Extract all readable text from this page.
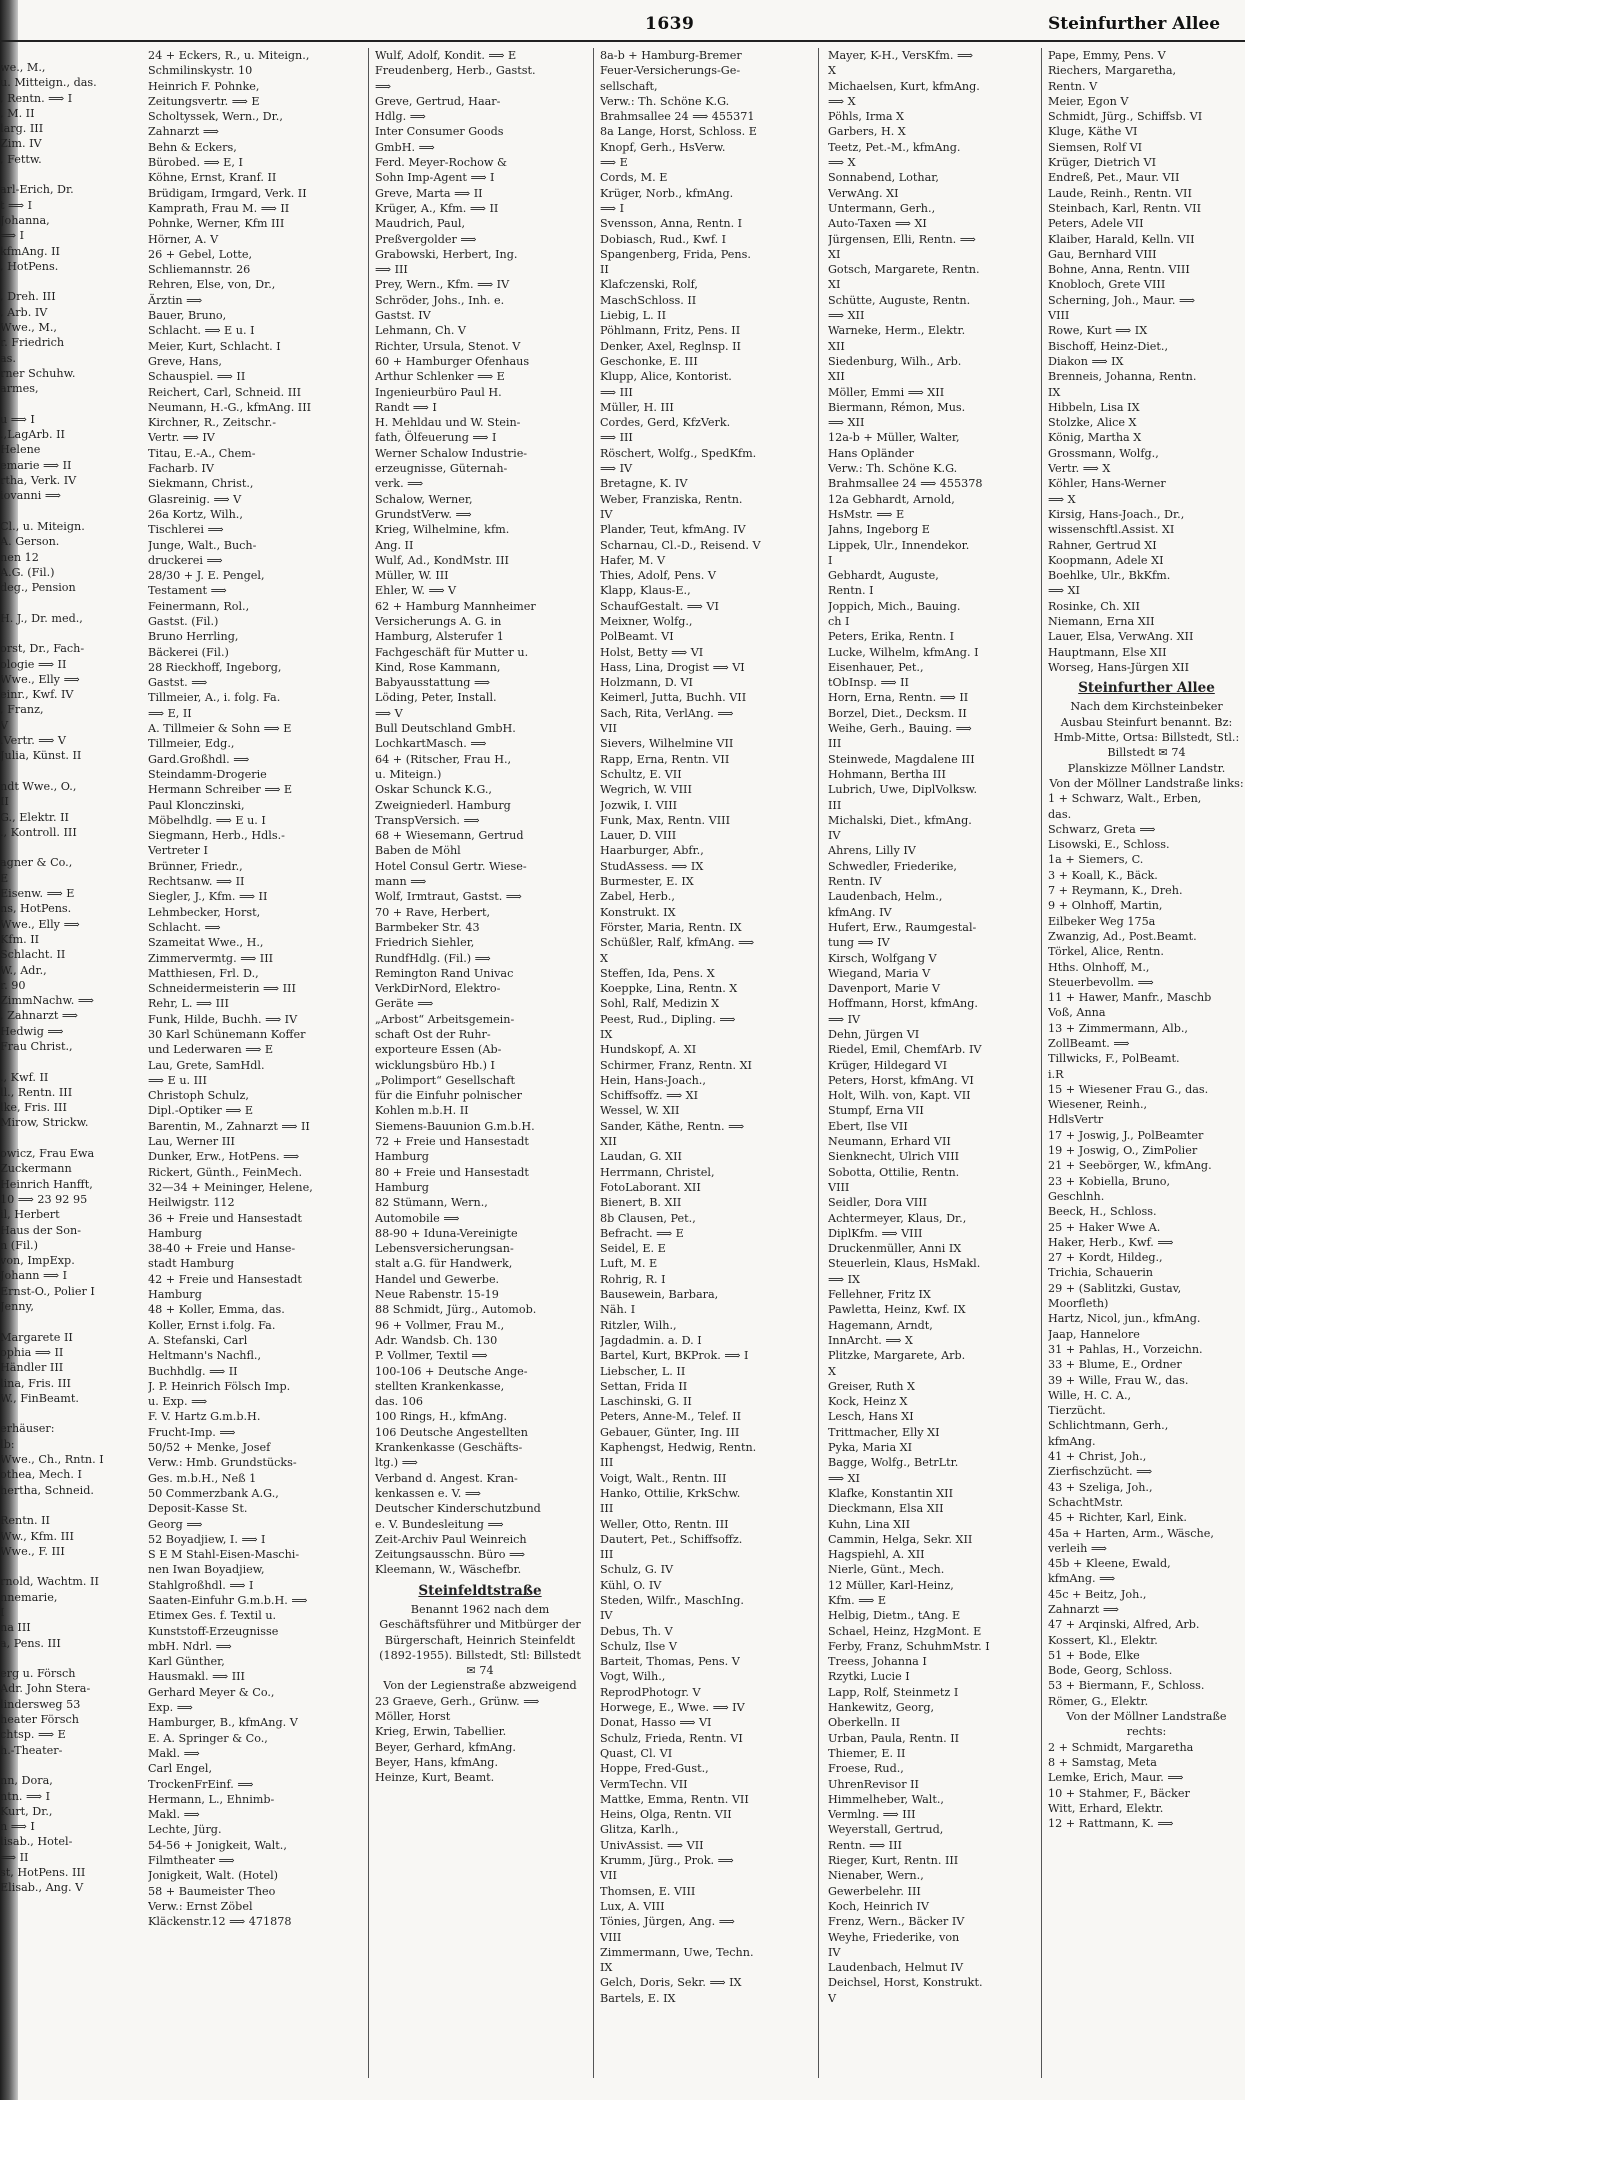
we., M.,
u. Mitteign., das.
, Rentn. ⟹ I
, M. II
larg. III
Zim. IV
, Fettw.

arl-Erich, Dr.
t ⟹ I
Johanna,
⟹ I
kfmAng. II
, HotPens.

, Dreh. III
, Arb. IV
Wwe., M.,
r. Friedrich
as.
rner Schuhw.
armes,

u ⟹ I
.,LagArb. II
Helene
emarie ⟹ II
rtha, Verk. IV
iovanni ⟹

Cl., u. Miteign.
A. Gerson.
nen 12
A.G. (Fil.)
deg., Pension

H. J., Dr. med.,

orst, Dr., Fach-
ologie ⟹ II
Wwe., Elly ⟹
einr., Kwf. IV
, Franz,
V
.Vertr. ⟹ V
Julia, Künst. II

ndt Wwe., O.,
II
G., Elektr. II
., Kontroll. III

agner & Co.,
E
Eisenw. ⟹ E
ns, HotPens.
Wwe., Elly ⟹
Kfm. II
Schlacht. II
W., Adr.,
r. 90
ZimmNachw. ⟹
, Zahnarzt ⟹
Hedwig ⟹
Frau Christ.,

., Kwf. II
ll., Rentn. III
lke, Fris. III
Mirow, Strickw.

owicz, Frau Ewa
Zuckermann
Heinrich Hanfft,
10 ⟹ 23 92 95
il, Herbert
Haus der Son-
n (Fil.)
von, ImpExp.
Johann ⟹ I
Ernst-O., Polier I
Jenny,

Margarete II
ophia ⟹ II
Händler III
lina, Fris. III
W., FinBeamt.

erhäuser:
lb:
Wwe., Ch., Rntn. I
othea, Mech. I
hertha, Schneid.

Rentn. II
Ww., Kfm. III
Wwe., F. III

rnold, Wachtm. II
nnemarie,
I
na III
a, Pens. III

erg u. Försch
Adr. John Stera-
lindersweg 53
heater Försch
chtsp. ⟹ E
h.-Theater-

nn, Dora,
ntn. ⟹ I
Kurt, Dr.,
n ⟹ I
lisab., Hotel-
⟹ II
st, HotPens. III
Elisab., Ang. V
1639	Steinfurther Allee
24 + Eckers, R., u. Miteign.,
Schmilinskystr. 10
Heinrich F. Pohnke,
Zeitungsvertr. ⟹ E
Scholtyssek, Wern., Dr.,
Zahnarzt ⟹
Behn & Eckers,
Bürobed. ⟹ E, I
Köhne, Ernst, Kranf. II
Brüdigam, Irmgard, Verk. II
Kamprath, Frau M. ⟹ II
Pohnke, Werner, Kfm III
Hörner, A. V
26 + Gebel, Lotte,
Schliemannstr. 26
Rehren, Else, von, Dr.,
Ärztin ⟹
Bauer, Bruno,
Schlacht. ⟹ E u. I
Meier, Kurt, Schlacht. I
Greve, Hans,
Schauspiel. ⟹ II
Reichert, Carl, Schneid. III
Neumann, H.-G., kfmAng. III
Kirchner, R., Zeitschr.-
Vertr. ⟹ IV
Titau, E.-A., Chem-
Facharb. IV
Siekmann, Christ.,
Glasreinig. ⟹ V
26a Kortz, Wilh.,
Tischlerei ⟹
Junge, Walt., Buch-
druckerei ⟹
28/30 + J. E. Pengel,
Testament ⟹
Feinermann, Rol.,
Gastst. (Fil.)
Bruno Herrling,
Bäckerei (Fil.)
28 Rieckhoff, Ingeborg,
Gastst. ⟹
Tillmeier, A., i. folg. Fa.
⟹ E, II
A. Tillmeier & Sohn ⟹ E
Tillmeier, Edg.,
Gard.Großhdl. ⟹
Steindamm-Drogerie
Hermann Schreiber ⟹ E
Paul Klonczinski,
Möbelhdlg. ⟹ E u. I
Siegmann, Herb., Hdls.-
Vertreter I
Brünner, Friedr.,
Rechtsanw. ⟹ II
Siegler, J., Kfm. ⟹ II
Lehmbecker, Horst,
Schlacht. ⟹
Szameitat Wwe., H.,
Zimmervermtg. ⟹ III
Matthiesen, Frl. D.,
Schneidermeisterin ⟹ III
Rehr, L. ⟹ III
Funk, Hilde, Buchh. ⟹ IV
30 Karl Schünemann Koffer
und Lederwaren ⟹ E
Lau, Grete, SamHdl.
⟹ E u. III
Christoph Schulz,
Dipl.-Optiker ⟹ E
Barentin, M., Zahnarzt ⟹ II
Lau, Werner III
Dunker, Erw., HotPens. ⟹
Rickert, Günth., FeinMech.
32—34 + Meininger, Helene,
Heilwigstr. 112
36 + Freie und Hansestadt
Hamburg
38-40 + Freie und Hanse-
stadt Hamburg
42 + Freie und Hansestadt
Hamburg
48 + Koller, Emma, das.
Koller, Ernst i.folg. Fa.
A. Stefanski, Carl
Heltmann's Nachfl.,
Buchhdlg. ⟹ II
J. P. Heinrich Fölsch Imp.
u. Exp. ⟹
F. V. Hartz G.m.b.H.
Frucht-Imp. ⟹
50/52 + Menke, Josef
Verw.: Hmb. Grundstücks-
Ges. m.b.H., Neß 1
50 Commerzbank A.G.,
Deposit-Kasse St.
Georg ⟹
52 Boyadjiew, I. ⟹ I
S E M Stahl-Eisen-Maschi-
nen Iwan Boyadjiew,
Stahlgroßhdl. ⟹ I
Saaten-Einfuhr G.m.b.H. ⟹
Etimex Ges. f. Textil u.
Kunststoff-Erzeugnisse
mbH. Ndrl. ⟹
Karl Günther,
Hausmakl. ⟹ III
Gerhard Meyer & Co.,
Exp. ⟹
Hamburger, B., kfmAng. V
E. A. Springer & Co.,
Makl. ⟹
Carl Engel,
TrockenFrEinf. ⟹
Hermann, L., Ehnimb-
Makl. ⟹
Lechte, Jürg.
54-56 + Jonigkeit, Walt.,
Filmtheater ⟹
Jonigkeit, Walt. (Hotel)
58 + Baumeister Theo
Verw.: Ernst Zöbel
Kläckenstr.12 ⟹ 471878
Wulf, Adolf, Kondit. ⟹ E
Freudenberg, Herb., Gastst.
⟹
Greve, Gertrud, Haar-
Hdlg. ⟹
Inter Consumer Goods
GmbH. ⟹
Ferd. Meyer-Rochow &
Sohn Imp-Agent ⟹ I
Greve, Marta ⟹ II
Krüger, A., Kfm. ⟹ II
Maudrich, Paul,
Preßvergolder ⟹
Grabowski, Herbert, Ing.
⟹ III
Prey, Wern., Kfm. ⟹ IV
Schröder, Johs., Inh. e.
Gastst. IV
Lehmann, Ch. V
Richter, Ursula, Stenot. V
60 + Hamburger Ofenhaus
Arthur Schlenker ⟹ E
Ingenieurbüro Paul H.
Randt ⟹ I
H. Mehldau und W. Stein-
fath, Ölfeuerung ⟹ I
Werner Schalow Industrie-
erzeugnisse, Güternah-
verk. ⟹
Schalow, Werner,
GrundstVerw. ⟹
Krieg, Wilhelmine, kfm.
Ang. II
Wulf, Ad., KondMstr. III
Müller, W. III
Ehler, W. ⟹ V
62 + Hamburg Mannheimer
Versicherungs A. G. in
Hamburg, Alsterufer 1
Fachgeschäft für Mutter u.
Kind, Rose Kammann,
Babyausstattung ⟹
Löding, Peter, Install.
⟹ V
Bull Deutschland GmbH.
LochkartMasch. ⟹
64 + (Ritscher, Frau H.,
u. Miteign.)
Oskar Schunck K.G.,
Zweigniederl. Hamburg
TranspVersich. ⟹
68 + Wiesemann, Gertrud
Baben de Möhl
Hotel Consul Gertr. Wiese-
mann ⟹
Wolf, Irmtraut, Gastst. ⟹
70 + Rave, Herbert,
Barmbeker Str. 43
Friedrich Siehler,
RundfHdlg. (Fil.) ⟹
Remington Rand Univac
VerkDirNord, Elektro-
Geräte ⟹
„Arbost“ Arbeitsgemein-
schaft Ost der Ruhr-
exporteure Essen (Ab-
wicklungsbüro Hb.) I
„Polimport“ Gesellschaft
für die Einfuhr polnischer
Kohlen m.b.H. II
Siemens-Bauunion G.m.b.H.
72 + Freie und Hansestadt
Hamburg
80 + Freie und Hansestadt
Hamburg
82 Stümann, Wern.,
Automobile ⟹
88-90 + Iduna-Vereinigte
Lebensversicherungsan-
stalt a.G. für Handwerk,
Handel und Gewerbe.
Neue Rabenstr. 15-19
88 Schmidt, Jürg., Automob.
96 + Vollmer, Frau M.,
Adr. Wandsb. Ch. 130
P. Vollmer, Textil ⟹
100-106 + Deutsche Ange-
stellten Krankenkasse,
das. 106
100 Rings, H., kfmAng.
106 Deutsche Angestellten
Krankenkasse (Geschäfts-
ltg.) ⟹
Verband d. Angest. Kran-
kenkassen e. V. ⟹
Deutscher Kinderschutzbund
e. V. Bundesleitung ⟹
Zeit-Archiv Paul Weinreich
Zeitungsausschn. Büro ⟹
Kleemann, W., Wäschefbr.
Steinfeldtstraße
Benannt 1962 nach dem Geschäftsführer und Mitbürger der Bürgerschaft, Heinrich Steinfeldt (1892-1955). Billstedt, Stl: Billstedt ✉ 74
Von der Legienstraße abzweigend
23 Graeve, Gerh., Grünw. ⟹
Möller, Horst
Krieg, Erwin, Tabellier.
Beyer, Gerhard, kfmAng.
Beyer, Hans, kfmAng.
Heinze, Kurt, Beamt.
8a-b + Hamburg-Bremer
Feuer-Versicherungs-Ge-
sellschaft,
Verw.: Th. Schöne K.G.
Brahmsallee 24 ⟹ 455371
8a Lange, Horst, Schloss. E
Knopf, Gerh., HsVerw.
⟹ E
Cords, M. E
Krüger, Norb., kfmAng.
⟹ I
Svensson, Anna, Rentn. I
Dobiasch, Rud., Kwf. I
Spangenberg, Frida, Pens.
II
Klafczenski, Rolf,
MaschSchloss. II
Liebig, L. II
Pöhlmann, Fritz, Pens. II
Denker, Axel, Reglnsp. II
Geschonke, E. III
Klupp, Alice, Kontorist.
⟹ III
Müller, H. III
Cordes, Gerd, KfzVerk.
⟹ III
Röschert, Wolfg., SpedKfm.
⟹ IV
Bretagne, K. IV
Weber, Franziska, Rentn.
IV
Plander, Teut, kfmAng. IV
Scharnau, Cl.-D., Reisend. V
Hafer, M. V
Thies, Adolf, Pens. V
Klapp, Klaus-E.,
SchaufGestalt. ⟹ VI
Meixner, Wolfg.,
PolBeamt. VI
Holst, Betty ⟹ VI
Hass, Lina, Drogist ⟹ VI
Holzmann, D. VI
Keimerl, Jutta, Buchh. VII
Sach, Rita, VerlAng. ⟹
VII
Sievers, Wilhelmine VII
Rapp, Erna, Rentn. VII
Schultz, E. VII
Wegrich, W. VIII
Jozwik, I. VIII
Funk, Max, Rentn. VIII
Lauer, D. VIII
Haarburger, Abfr.,
StudAssess. ⟹ IX
Burmester, E. IX
Zabel, Herb.,
Konstrukt. IX
Förster, Maria, Rentn. IX
Schüßler, Ralf, kfmAng. ⟹
X
Steffen, Ida, Pens. X
Koeppke, Lina, Rentn. X
Sohl, Ralf, Medizin X
Peest, Rud., Dipling. ⟹
IX
Hundskopf, A. XI
Schirmer, Franz, Rentn. XI
Hein, Hans-Joach.,
Schiffsoffz. ⟹ XI
Wessel, W. XII
Sander, Käthe, Rentn. ⟹
XII
Laudan, G. XII
Herrmann, Christel,
FotoLaborant. XII
Bienert, B. XII
8b Clausen, Pet.,
Befracht. ⟹ E
Seidel, E. E
Luft, M. E
Rohrig, R. I
Bausewein, Barbara,
Näh. I
Ritzler, Wilh.,
Jagdadmin. a. D. I
Bartel, Kurt, BKProk. ⟹ I
Liebscher, L. II
Settan, Frida II
Laschinski, G. II
Peters, Anne-M., Telef. II
Gebauer, Günter, Ing. III
Kaphengst, Hedwig, Rentn.
III
Voigt, Walt., Rentn. III
Hanko, Ottilie, KrkSchw.
III
Weller, Otto, Rentn. III
Dautert, Pet., Schiffsoffz.
III
Schulz, G. IV
Kühl, O. IV
Steden, Wilfr., MaschIng.
IV
Debus, Th. V
Schulz, Ilse V
Barteit, Thomas, Pens. V
Vogt, Wilh.,
ReprodPhotogr. V
Horwege, E., Wwe. ⟹ IV
Donat, Hasso ⟹ VI
Schulz, Frieda, Rentn. VI
Quast, Cl. VI
Hoppe, Fred-Gust.,
VermTechn. VII
Mattke, Emma, Rentn. VII
Heins, Olga, Rentn. VII
Glitza, Karlh.,
UnivAssist. ⟹ VII
Krumm, Jürg., Prok. ⟹
VII
Thomsen, E. VIII
Lux, A. VIII
Tönies, Jürgen, Ang. ⟹
VIII
Zimmermann, Uwe, Techn.
IX
Gelch, Doris, Sekr. ⟹ IX
Bartels, E. IX
Mayer, K-H., VersKfm. ⟹
X
Michaelsen, Kurt, kfmAng.
⟹ X
Pöhls, Irma X
Garbers, H. X
Teetz, Pet.-M., kfmAng.
⟹ X
Sonnabend, Lothar,
VerwAng. XI
Untermann, Gerh.,
Auto-Taxen ⟹ XI
Jürgensen, Elli, Rentn. ⟹
XI
Gotsch, Margarete, Rentn.
XI
Schütte, Auguste, Rentn.
⟹ XII
Warneke, Herm., Elektr.
XII
Siedenburg, Wilh., Arb.
XII
Möller, Emmi ⟹ XII
Biermann, Rémon, Mus.
⟹ XII
12a-b + Müller, Walter,
Hans Opländer
Verw.: Th. Schöne K.G.
Brahmsallee 24 ⟹ 455378
12a Gebhardt, Arnold,
HsMstr. ⟹ E
Jahns, Ingeborg E
Lippek, Ulr., Innendekor.
I
Gebhardt, Auguste,
Rentn. I
Joppich, Mich., Bauing.
ch I
Peters, Erika, Rentn. I
Lucke, Wilhelm, kfmAng. I
Eisenhauer, Pet.,
tObInsp. ⟹ II
Horn, Erna, Rentn. ⟹ II
Borzel, Diet., Decksm. II
Weihe, Gerh., Bauing. ⟹
III
Steinwede, Magdalene III
Hohmann, Bertha III
Lubrich, Uwe, DiplVolksw.
III
Michalski, Diet., kfmAng.
IV
Ahrens, Lilly IV
Schwedler, Friederike,
Rentn. IV
Laudenbach, Helm.,
kfmAng. IV
Hufert, Erw., Raumgestal-
tung ⟹ IV
Kirsch, Wolfgang V
Wiegand, Maria V
Davenport, Marie V
Hoffmann, Horst, kfmAng.
⟹ IV
Dehn, Jürgen VI
Riedel, Emil, ChemfArb. IV
Krüger, Hildegard VI
Peters, Horst, kfmAng. VI
Holt, Wilh. von, Kapt. VII
Stumpf, Erna VII
Ebert, Ilse VII
Neumann, Erhard VII
Sienknecht, Ulrich VIII
Sobotta, Ottilie, Rentn.
VIII
Seidler, Dora VIII
Achtermeyer, Klaus, Dr.,
DiplKfm. ⟹ VIII
Druckenmüller, Anni IX
Steuerlein, Klaus, HsMakl.
⟹ IX
Fellehner, Fritz IX
Pawletta, Heinz, Kwf. IX
Hagemann, Arndt,
InnArcht. ⟹ X
Plitzke, Margarete, Arb.
X
Greiser, Ruth X
Kock, Heinz X
Lesch, Hans XI
Trittmacher, Elly XI
Pyka, Maria XI
Bagge, Wolfg., BetrLtr.
⟹ XI
Klafke, Konstantin XII
Dieckmann, Elsa XII
Kuhn, Lina XII
Cammin, Helga, Sekr. XII
Hagspiehl, A. XII
Nierle, Günt., Mech.
12 Müller, Karl-Heinz,
Kfm. ⟹ E
Helbig, Dietm., tAng. E
Schael, Heinz, HzgMont. E
Ferby, Franz, SchuhmMstr. I
Treess, Johanna I
Rzytki, Lucie I
Lapp, Rolf, Steinmetz I
Hankewitz, Georg,
Oberkelln. II
Urban, Paula, Rentn. II
Thiemer, E. II
Froese, Rud.,
UhrenRevisor II
Himmelheber, Walt.,
Vermlng. ⟹ III
Weyerstall, Gertrud,
Rentn. ⟹ III
Rieger, Kurt, Rentn. III
Nienaber, Wern.,
Gewerbelehr. III
Koch, Heinrich IV
Frenz, Wern., Bäcker IV
Weyhe, Friederike, von
IV
Laudenbach, Helmut IV
Deichsel, Horst, Konstrukt.
V
Pape, Emmy, Pens. V
Riechers, Margaretha,
Rentn. V
Meier, Egon V
Schmidt, Jürg., Schiffsb. VI
Kluge, Käthe VI
Siemsen, Rolf VI
Krüger, Dietrich VI
Endreß, Pet., Maur. VII
Laude, Reinh., Rentn. VII
Steinbach, Karl, Rentn. VII
Peters, Adele VII
Klaiber, Harald, Kelln. VII
Gau, Bernhard VIII
Bohne, Anna, Rentn. VIII
Knobloch, Grete VIII
Scherning, Joh., Maur. ⟹
VIII
Rowe, Kurt ⟹ IX
Bischoff, Heinz-Diet.,
Diakon ⟹ IX
Brenneis, Johanna, Rentn.
IX
Hibbeln, Lisa IX
Stolzke, Alice X
König, Martha X
Grossmann, Wolfg.,
Vertr. ⟹ X
Köhler, Hans-Werner
⟹ X
Kirsig, Hans-Joach., Dr.,
wissenschftl.Assist. XI
Rahner, Gertrud XI
Koopmann, Adele XI
Boehlke, Ulr., BkKfm.
⟹ XI
Rosinke, Ch. XII
Niemann, Erna XII
Lauer, Elsa, VerwAng. XII
Hauptmann, Else XII
Worseg, Hans-Jürgen XII
Steinfurther Allee
Nach dem Kirchsteinbeker Ausbau Steinfurt benannt. Bz: Hmb-Mitte, Ortsa: Billstedt, Stl.: Billstedt ✉ 74
Planskizze Möllner Landstr.
Von der Möllner Landstraße links:
1 + Schwarz, Walt., Erben,
das.
Schwarz, Greta ⟹
Lisowski, E., Schloss.
1a + Siemers, C.
3 + Koall, K., Bäck.
7 + Reymann, K., Dreh.
9 + Olnhoff, Martin,
Eilbeker Weg 175a
Zwanzig, Ad., Post.Beamt.
Törkel, Alice, Rentn.
Hths. Olnhoff, M.,
Steuerbevollm. ⟹
11 + Hawer, Manfr., Maschb
Voß, Anna
13 + Zimmermann, Alb.,
ZollBeamt. ⟹
Tillwicks, F., PolBeamt.
i.R
15 + Wiesener Frau G., das.
Wiesener, Reinh.,
HdlsVertr
17 + Joswig, J., PolBeamter
19 + Joswig, O., ZimPolier
21 + Seebörger, W., kfmAng.
23 + Kobiella, Bruno,
Geschlnh.
Beeck, H., Schloss.
25 + Haker Wwe A.
Haker, Herb., Kwf. ⟹
27 + Kordt, Hildeg.,
Trichia, Schauerin
29 + (Sablitzki, Gustav,
Moorfleth)
Hartz, Nicol, jun., kfmAng.
Jaap, Hannelore
31 + Pahlas, H., Vorzeichn.
33 + Blume, E., Ordner
39 + Wille, Frau W., das.
Wille, H. C. A.,
Tierzücht.
Schlichtmann, Gerh.,
kfmAng.
41 + Christ, Joh.,
Zierfischzücht. ⟹
43 + Szeliga, Joh.,
SchachtMstr.
45 + Richter, Karl, Eink.
45a + Harten, Arm., Wäsche,
verleih ⟹
45b + Kleene, Ewald,
kfmAng. ⟹
45c + Beitz, Joh.,
Zahnarzt ⟹
47 + Arqinski, Alfred, Arb.
Kossert, Kl., Elektr.
51 + Bode, Elke
Bode, Georg, Schloss.
53 + Biermann, F., Schloss.
Römer, G., Elektr.
Von der Möllner Landstraße rechts:
2 + Schmidt, Margaretha
8 + Samstag, Meta
Lemke, Erich, Maur. ⟹
10 + Stahmer, F., Bäcker
Witt, Erhard, Elektr.
12 + Rattmann, K. ⟹
